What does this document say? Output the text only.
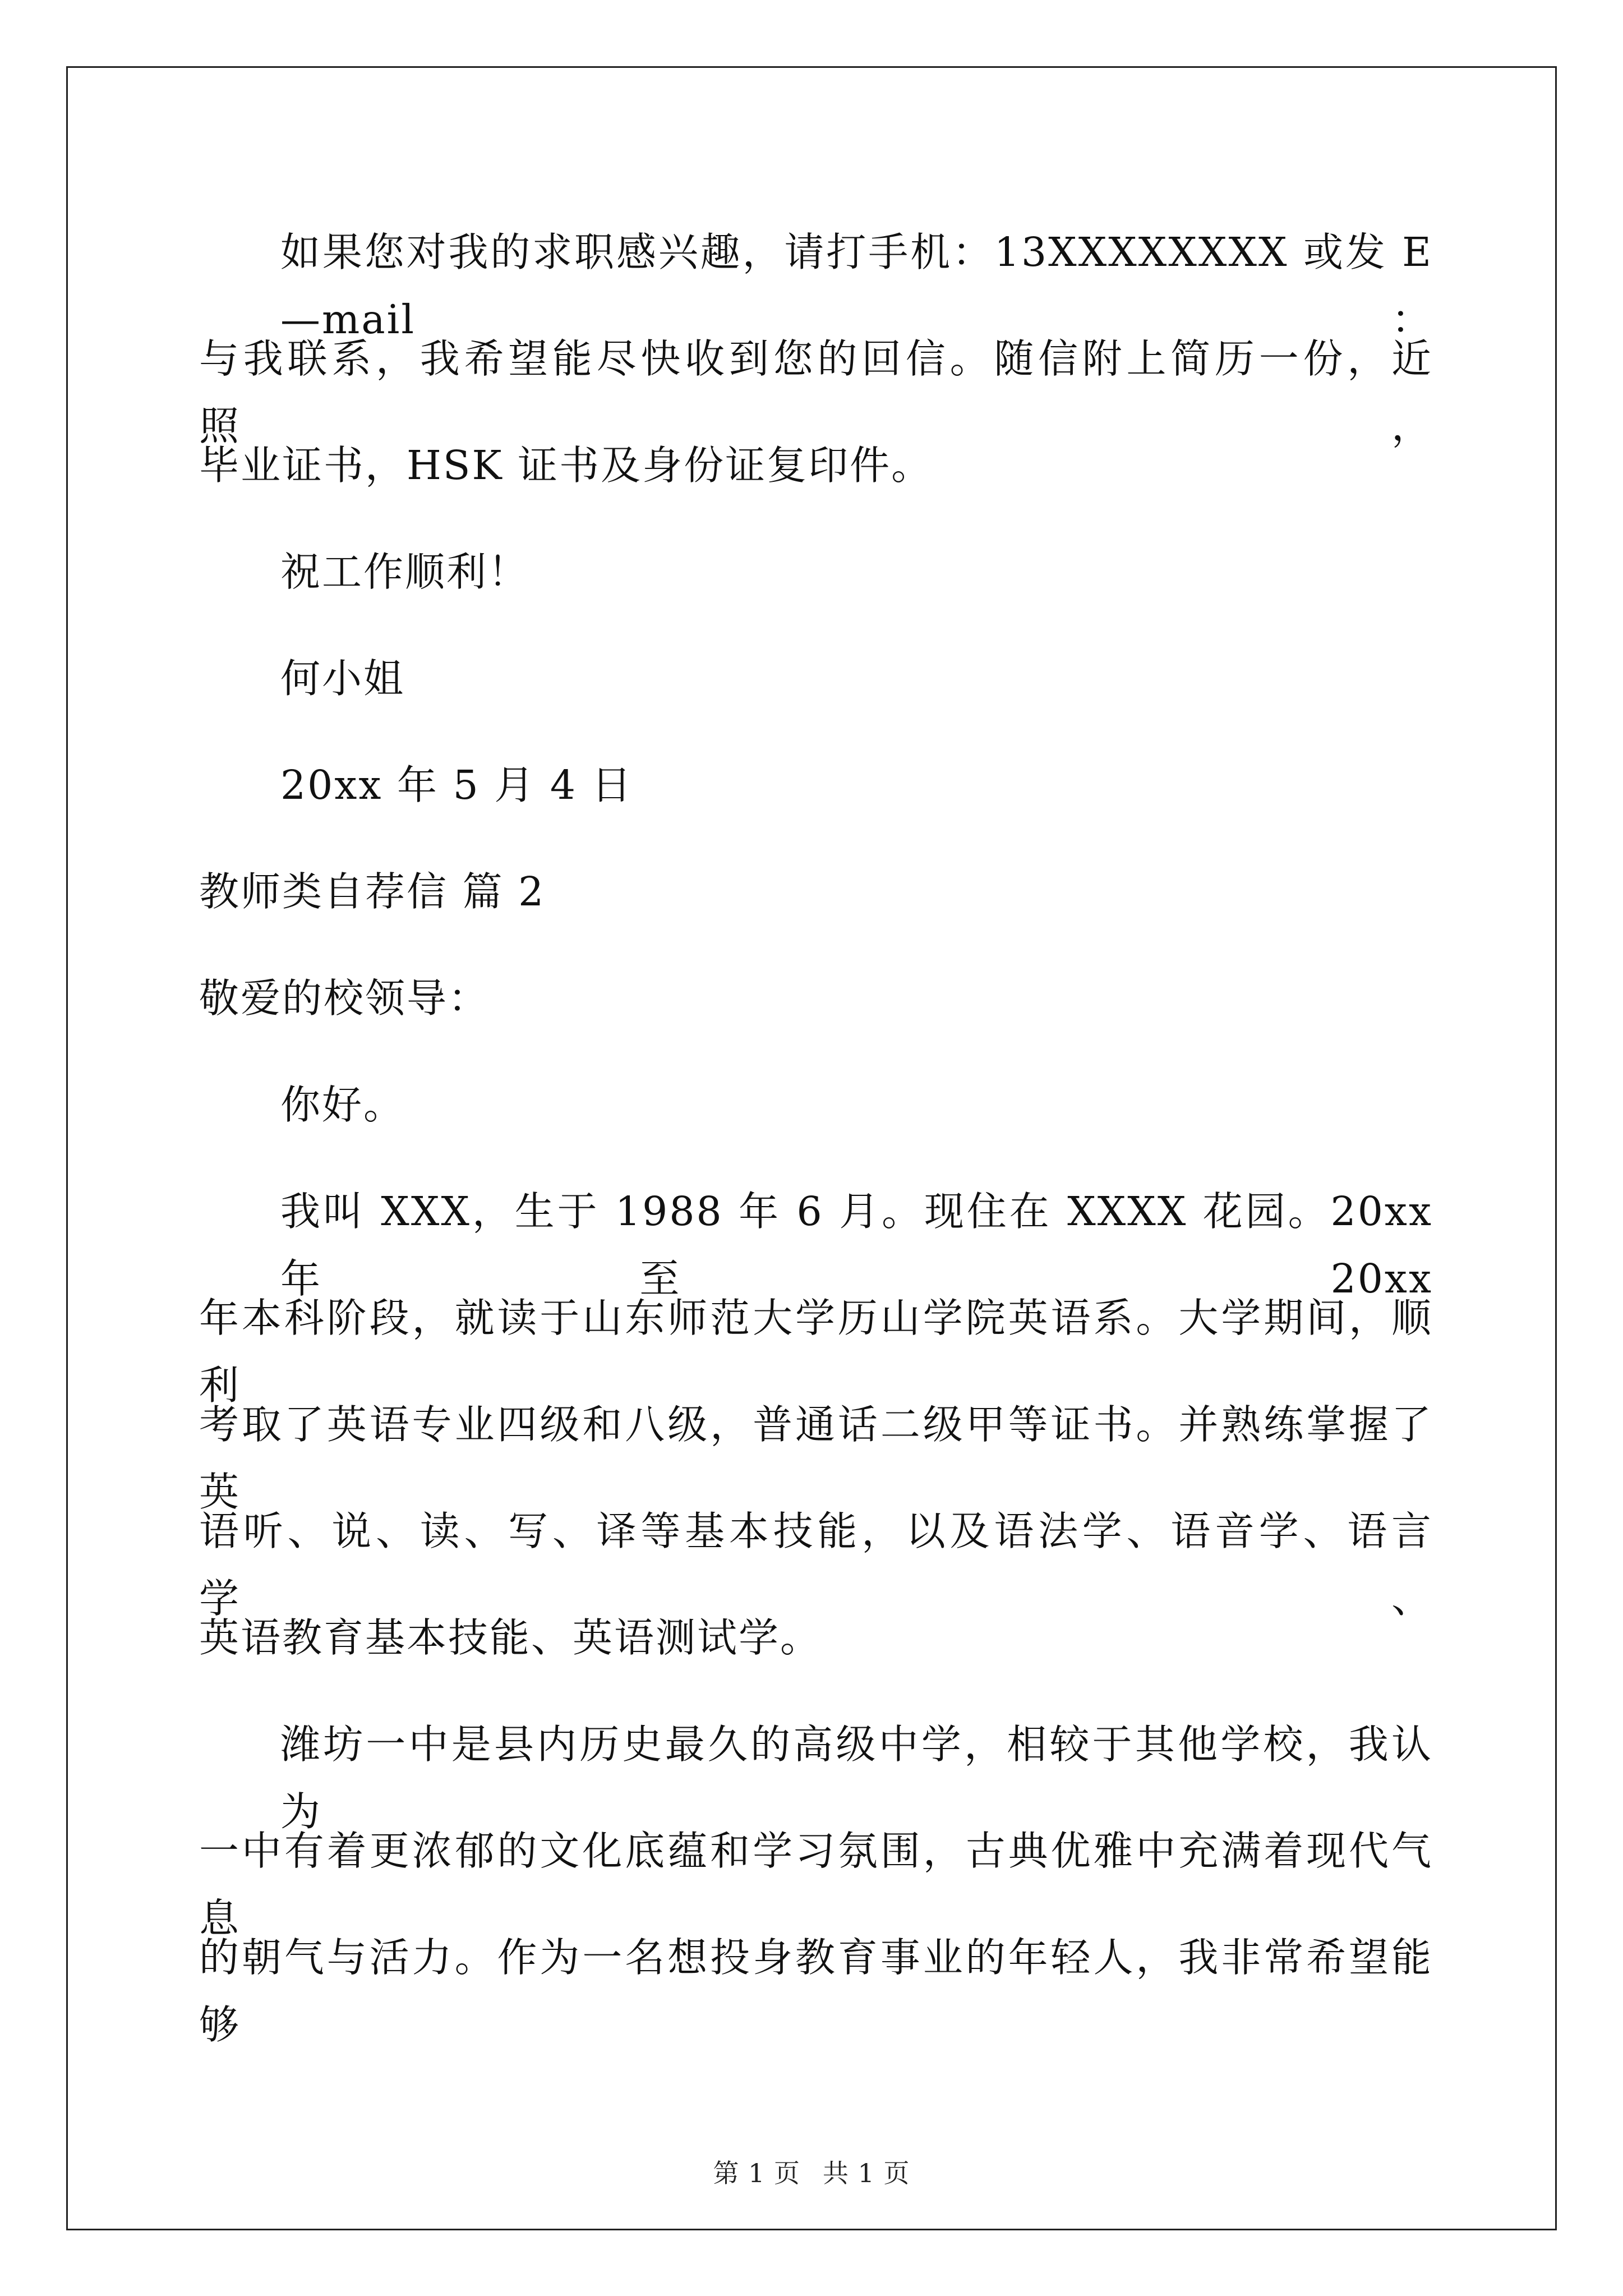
如果您对我的求职感兴趣，请打手机：13XXXXXXXX 或发 E—mail：
与我联系，我希望能尽快收到您的回信。随信附上简历一份，近照，
毕业证书，HSK 证书及身份证复印件。
祝工作顺利！
何小姐
20xx 年 5 月 4 日
教师类自荐信 篇 2
敬爱的校领导：
你好。
我叫 XXX，生于 1988 年 6 月。现住在 XXXX 花园。20xx 年至 20xx
年本科阶段，就读于山东师范大学历山学院英语系。大学期间，顺利
考取了英语专业四级和八级，普通话二级甲等证书。并熟练掌握了英
语听、说、读、写、译等基本技能，以及语法学、语音学、语言学、
英语教育基本技能、英语测试学。
潍坊一中是县内历史最久的高级中学，相较于其他学校，我认为
一中有着更浓郁的文化底蕴和学习氛围，古典优雅中充满着现代气息
的朝气与活力。作为一名想投身教育事业的年轻人，我非常希望能够
第 1 页 共 1 页
